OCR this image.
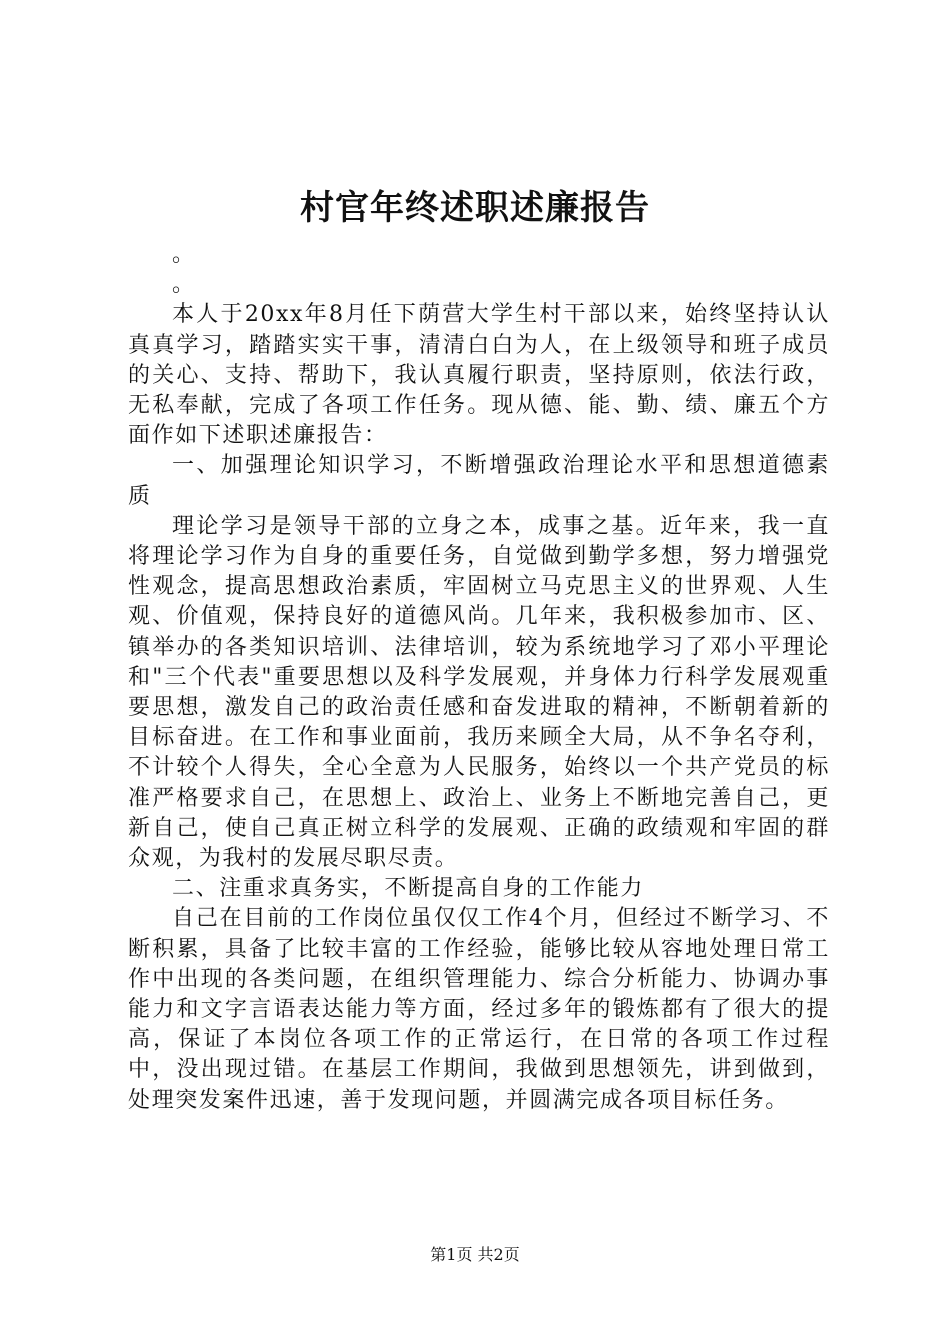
村官年终述职述廉报告

。

。

本人于20xx年8月任下荫营大学生村干部以来，始终坚持认认真真学习，踏踏实实干事，清清白白为人，在上级领导和班子成员的关心、支持、帮助下，我认真履行职责，坚持原则，依法行政，无私奉献，完成了各项工作任务。现从德、能、勤、绩、廉五个方面作如下述职述廉报告：

一、加强理论知识学习，不断增强政治理论水平和思想道德素质

理论学习是领导干部的立身之本，成事之基。近年来，我一直将理论学习作为自身的重要任务，自觉做到勤学多想，努力增强党性观念，提高思想政治素质，牢固树立马克思主义的世界观、人生观、价值观，保持良好的道德风尚。几年来，我积极参加市、区、镇举办的各类知识培训、法律培训，较为系统地学习了邓小平理论和"三个代表"重要思想以及科学发展观，并身体力行科学发展观重要思想，激发自己的政治责任感和奋发进取的精神，不断朝着新的目标奋进。在工作和事业面前，我历来顾全大局，从不争名夺利，不计较个人得失，全心全意为人民服务，始终以一个共产党员的标准严格要求自己，在思想上、政治上、业务上不断地完善自己，更新自己，使自己真正树立科学的发展观、正确的政绩观和牢固的群众观，为我村的发展尽职尽责。

二、注重求真务实，不断提高自身的工作能力

自己在目前的工作岗位虽仅仅工作4个月，但经过不断学习、不断积累，具备了比较丰富的工作经验，能够比较从容地处理日常工作中出现的各类问题，在组织管理能力、综合分析能力、协调办事能力和文字言语表达能力等方面，经过多年的锻炼都有了很大的提高，保证了本岗位各项工作的正常运行，在日常的各项工作过程中，没出现过错。在基层工作期间，我做到思想领先，讲到做到，处理突发案件迅速，善于发现问题，并圆满完成各项目标任务。

第1页 共2页
